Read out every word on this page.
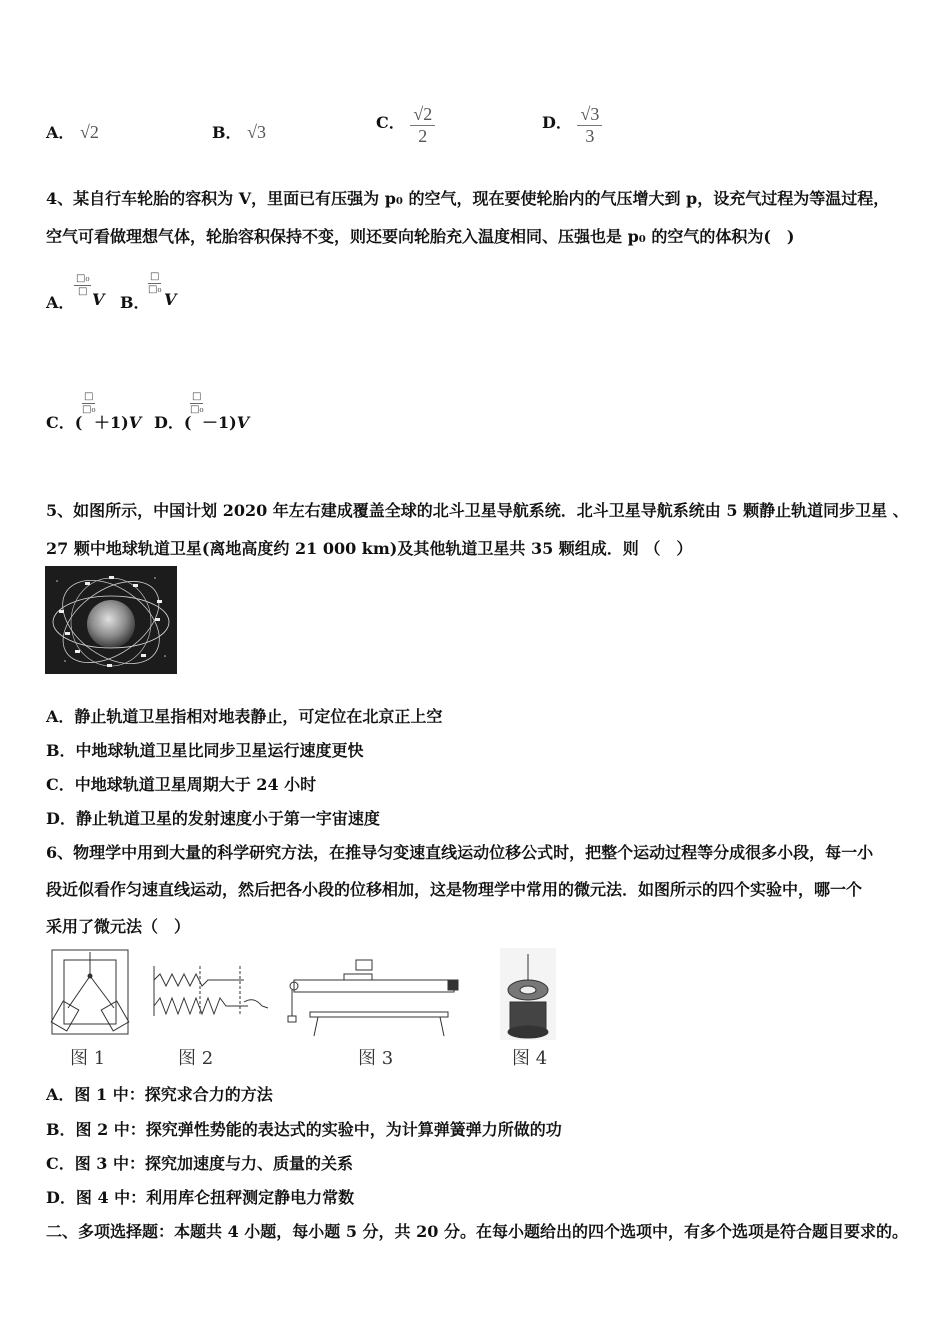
A． √2	B． √3	C． $\frac{√2}{2}$	D． $\frac{√3}{3}$
4、某自行车轮胎的容积为 V，里面已有压强为 p₀ 的空气，现在要使轮胎内的气压增大到 p，设充气过程为等温过程，
空气可看做理想气体，轮胎容积保持不变，则还要向轮胎充入温度相同、压强也是 p₀ 的空气的体积为(　)
A．
□₀
□ V B．
□
□₀
V
C．(
□
□₀
＋1)V D．(
□
□₀
－1)V
5、如图所示，中国计划 2020 年左右建成覆盖全球的北斗卫星导航系统．北斗卫星导航系统由 5 颗静止轨道同步卫星 、
27 颗中地球轨道卫星(离地高度约 21 000 km)及其他轨道卫星共 35 颗组成．则 （　）
A．静止轨道卫星指相对地表静止，可定位在北京正上空
B．中地球轨道卫星比同步卫星运行速度更快
C．中地球轨道卫星周期大于 24 小时
D．静止轨道卫星的发射速度小于第一宇宙速度
6、物理学中用到大量的科学研究方法，在推导匀变速直线运动位移公式时，把整个运动过程等分成很多小段，每一小
段近似看作匀速直线运动，然后把各小段的位移相加，这是物理学中常用的微元法．如图所示的四个实验中，哪一个
采用了微元法（　）
图 1	图 2	图 3	图 4
A．图 1 中：探究求合力的方法
B．图 2 中：探究弹性势能的表达式的实验中，为计算弹簧弹力所做的功
C．图 3 中：探究加速度与力、质量的关系
D．图 4 中：利用库仑扭秤测定静电力常数
二、多项选择题：本题共 4 小题，每小题 5 分，共 20 分。在每小题给出的四个选项中，有多个选项是符合题目要求的。
